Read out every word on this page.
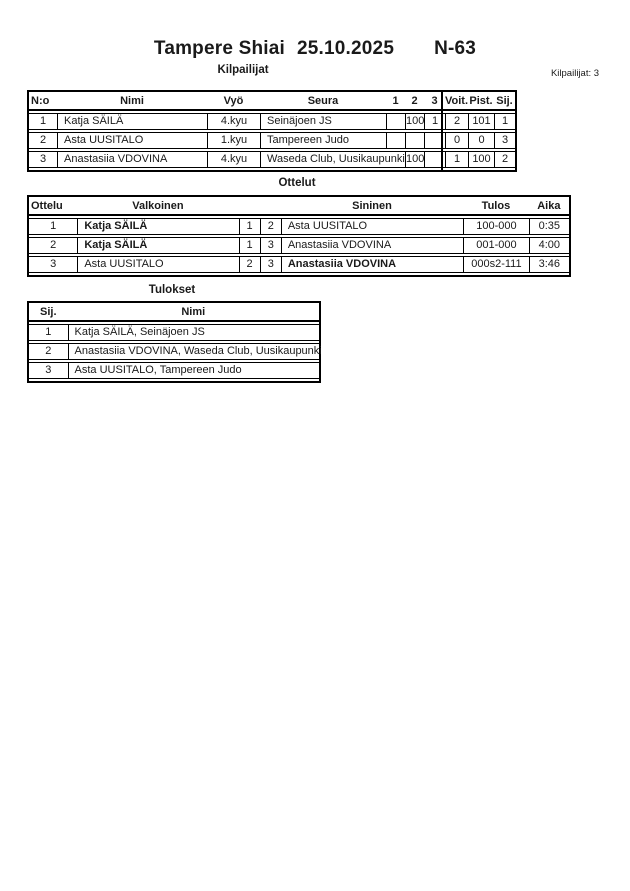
Tampere Shiai 25.10.2025 N-63
Kilpailijat	Kilpailijat: 3
N:o	Nimi	Vyö	Seura	1	2	3	Voit.	Pist.	Sij.
1	Katja SÄILÄ	4.kyu	Seinäjoen JS		100	1	2	101	1
2	Asta UUSITALO	1.kyu	Tampereen Judo				0	0	3
3	Anastasiia VDOVINA	4.kyu	Waseda Club, Uusikaupunki		100		1	100	2
Ottelut
Ottelu	Valkoinen			Sininen	Tulos	Aika
1	Katja SÄILÄ	1	2	Asta UUSITALO	100-000	0:35
2	Katja SÄILÄ	1	3	Anastasiia VDOVINA	001-000	4:00
3	Asta UUSITALO	2	3	Anastasiia VDOVINA	000s2-111	3:46
Tulokset
Sij.	Nimi
1	Katja SÄILÄ, Seinäjoen JS
2	Anastasiia VDOVINA, Waseda Club, Uusikaupunki
3	Asta UUSITALO, Tampereen Judo
